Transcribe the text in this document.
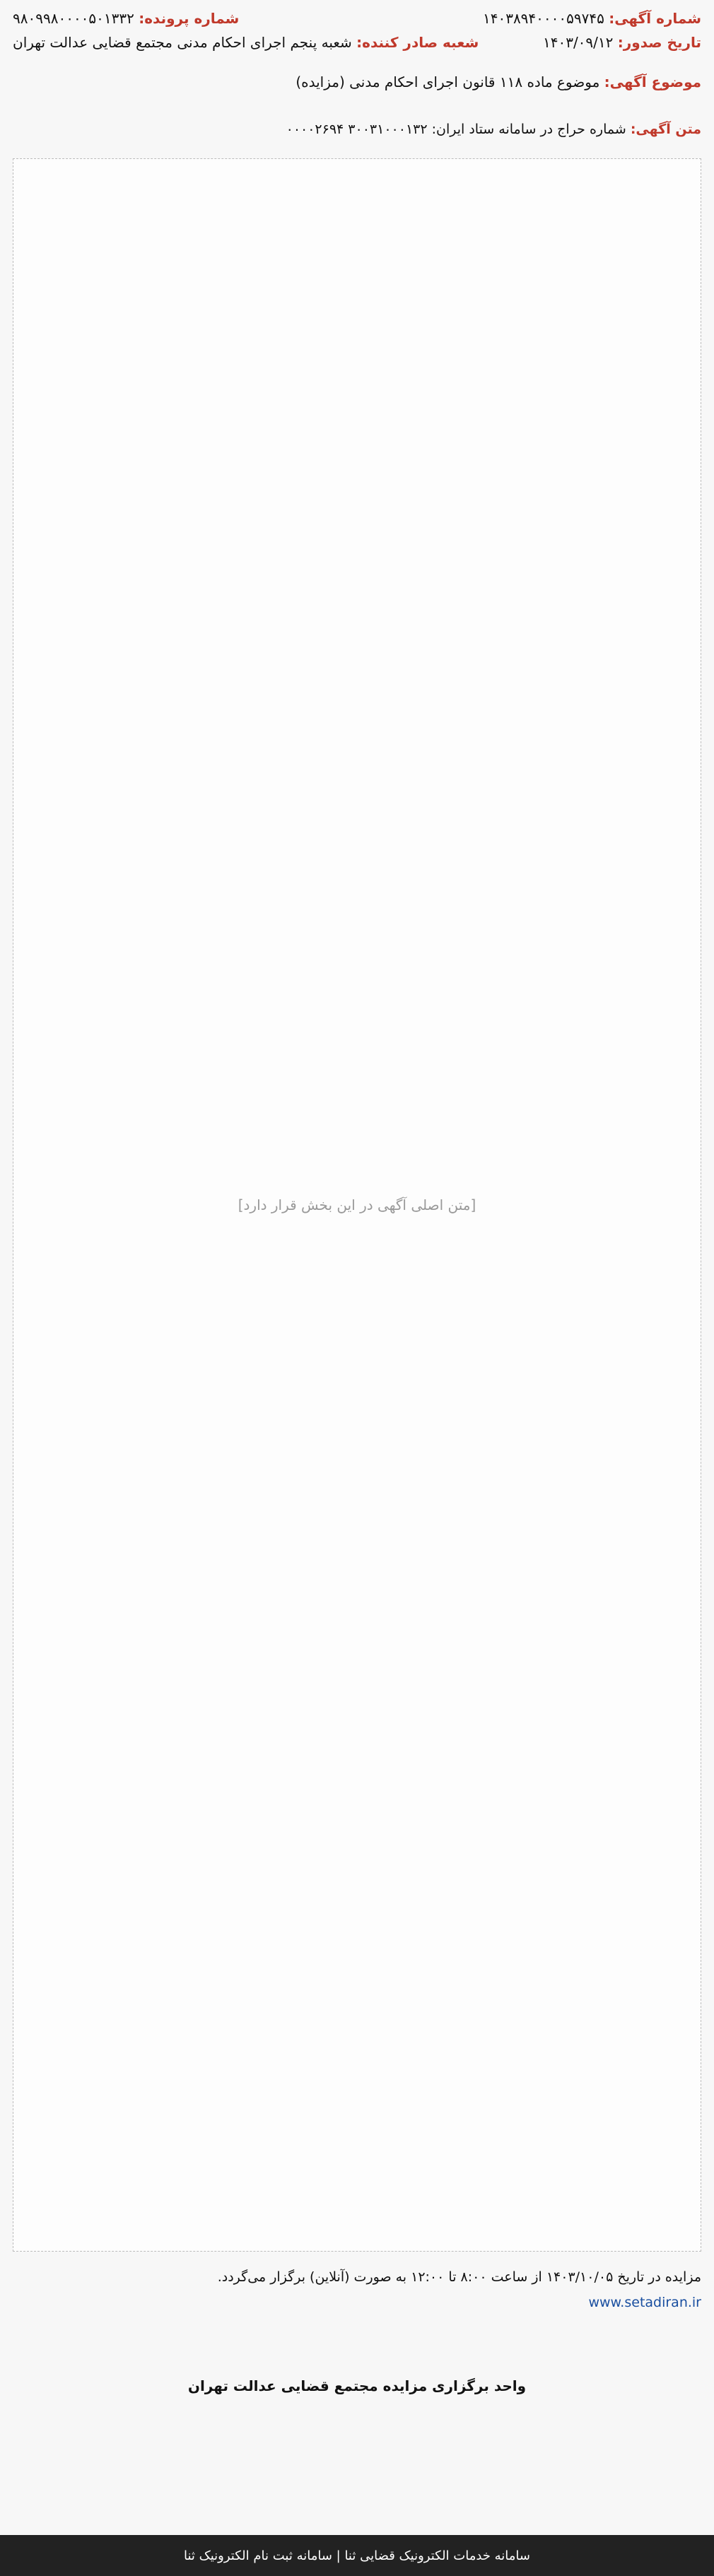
شماره آگهی: ۱۴۰۳۸۹۴۰۰۰۰۵۹۷۴۵
شماره پرونده: ۹۸۰۹۹۸۰۰۰۰۵۰۱۳۳۲
تاریخ صدور: ۱۴۰۳/۰۹/۱۲
شعبه صادر کننده: شعبه پنجم اجرای احکام مدنی مجتمع قضایی عدالت تهران
موضوع آگهی: موضوع ماده ۱۱۸ قانون اجرای احکام مدنی (مزایده)
متن آگهی: شماره حراج در سامانه ستاد ایران: ۳۰۰۳۱۰۰۰۱۳۲ ۰۰۰۰۲۶۹۴
[متن اصلی آگهی در این بخش قرار دارد]
مزایده در تاریخ ۱۴۰۳/۱۰/۰۵ از ساعت ۸:۰۰ تا ۱۲:۰۰ به صورت (آنلاین) برگزار می‌گردد.
www.setadiran.ir
واحد برگزاری مزایده مجتمع قضایی عدالت تهران
سامانه خدمات الکترونیک قضایی ثنا | سامانه ثبت نام الکترونیک ثنا
